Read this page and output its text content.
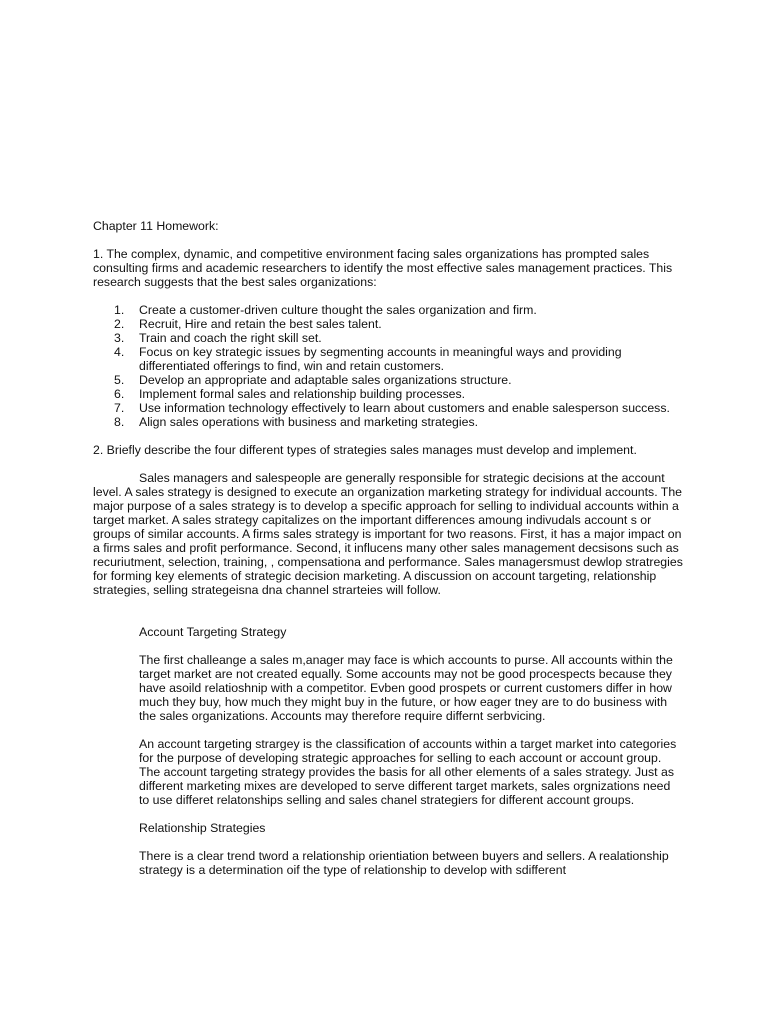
Chapter 11 Homework:

1. The complex, dynamic, and competitive environment facing sales organizations has prompted sales consulting firms and academic researchers to identify the most effective sales management practices. This research suggests that the best sales organizations:

1.	Create a customer-driven culture thought the sales organization and firm.
2.	Recruit, Hire and retain the best sales talent.
3.	Train and coach the right skill set.
4.	Focus on key strategic issues by segmenting accounts in meaningful ways and providing differentiated offerings to find, win and retain customers.
5.	Develop an appropriate and adaptable sales organizations structure.
6.	Implement formal sales and relationship building processes.
7.	Use information technology effectively to learn about customers and enable salesperson success.
8.	Align sales operations with business and marketing strategies.

2. Briefly describe the four different types of strategies sales manages must develop and implement.

Sales managers and salespeople are generally responsible for strategic decisions at the account level. A sales strategy is designed to execute an organization marketing strategy for individual accounts. The major purpose of a sales strategy is to develop a specific approach for selling to individual accounts within a target market. A sales strategy capitalizes on the important differences amoung indivudals account s or groups of similar accounts. A firms sales strategy is important for two reasons. First, it has a major impact on a firms sales and profit performance. Second, it influcens many other sales management decsisons such as recuriutment, selection, training, , compensationa and performance. Sales managersmust dewlop stratregies for forming key elements of strategic decision marketing. A discussion on account targeting, relationship strategies, selling strategeisna dna channel strarteies will follow.

Account Targeting Strategy

The first challeange a sales m,anager may face is which accounts to purse. All accounts within the target market are not created equally. Some accounts may not be good procespects because they have asoild relatioshnip with a competitor. Evben good prospets or current customers differ in how much they buy, how much they might buy in the future, or how eager tney are to do business with the sales organizations. Accounts may therefore require differnt serbvicing.

An account targeting strargey is the classification of accounts within a target market into categories for the purpose of developing strategic approaches for selling to each account or account group. The account targeting strategy provides the basis for all other elements of a sales strategy. Just as different marketing mixes are developed to serve different target markets, sales orgnizations need to use differet relatonships selling and sales chanel strategiers for different account groups.

Relationship Strategies

There is a clear trend tword a relationship orientiation between buyers and sellers. A realationship strategy is a determination oif the type of relationship to develop with sdifferent
